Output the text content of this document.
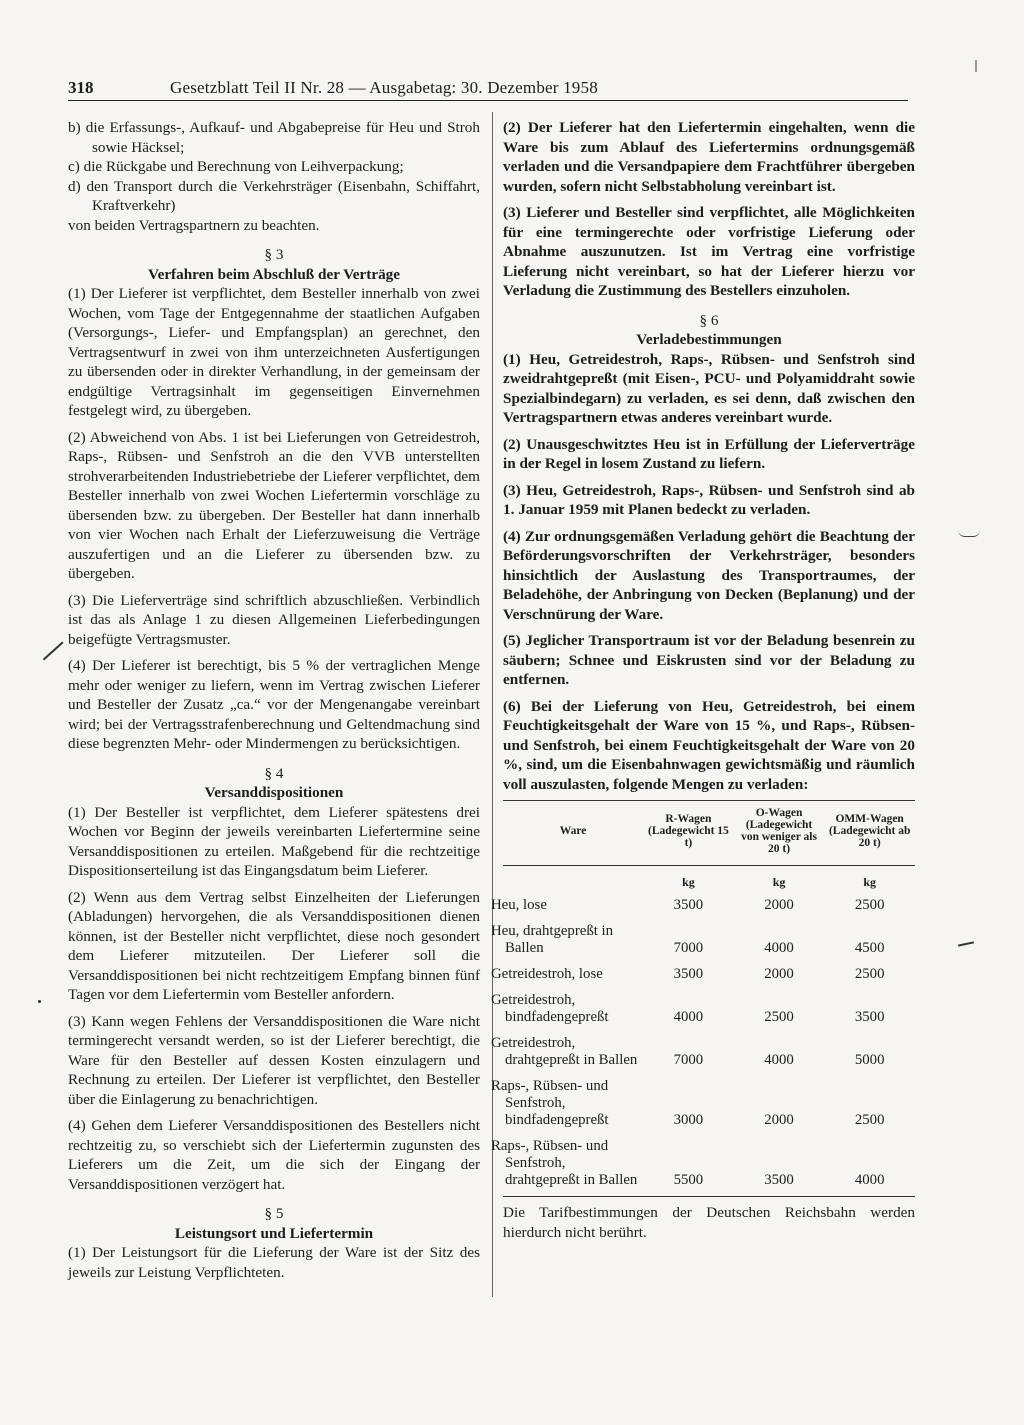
318	Gesetzblatt Teil II Nr. 28 — Ausgabetag: 30. Dezember 1958

b) die Erfassungs-, Aufkauf- und Abgabepreise für Heu und Stroh sowie Häcksel;

c) die Rückgabe und Berechnung von Leihverpackung;

d) den Transport durch die Verkehrsträger (Eisenbahn, Schiffahrt, Kraftverkehr)

von beiden Vertragspartnern zu beachten.

§ 3
Verfahren beim Abschluß der Verträge

(1) Der Lieferer ist verpflichtet, dem Besteller innerhalb von zwei Wochen, vom Tage der Entgegennahme der staatlichen Aufgaben (Versorgungs-, Liefer- und Empfangsplan) an gerechnet, den Vertragsentwurf in zwei von ihm unterzeichneten Ausfertigungen zu übersenden oder in direkter Verhandlung, in der gemeinsam der endgültige Vertragsinhalt im gegenseitigen Einvernehmen festgelegt wird, zu übergeben.

(2) Abweichend von Abs. 1 ist bei Lieferungen von Getreidestroh, Raps-, Rübsen- und Senfstroh an die den VVB unterstellten strohverarbeitenden Industriebetriebe der Lieferer verpflichtet, dem Besteller innerhalb von zwei Wochen Liefertermin vorschläge zu übersenden bzw. zu übergeben. Der Besteller hat dann innerhalb von vier Wochen nach Erhalt der Lieferzuweisung die Verträge auszufertigen und an die Lieferer zu übersenden bzw. zu übergeben.

(3) Die Lieferverträge sind schriftlich abzuschließen. Verbindlich ist das als Anlage 1 zu diesen Allgemeinen Lieferbedingungen beigefügte Vertragsmuster.

(4) Der Lieferer ist berechtigt, bis 5 % der vertraglichen Menge mehr oder weniger zu liefern, wenn im Vertrag zwischen Lieferer und Besteller der Zusatz „ca.“ vor der Mengenangabe vereinbart wird; bei der Vertragsstrafenberechnung und Geltendmachung sind diese begrenzten Mehr- oder Mindermengen zu berücksichtigen.

§ 4
Versanddispositionen

(1) Der Besteller ist verpflichtet, dem Lieferer spätestens drei Wochen vor Beginn der jeweils vereinbarten Liefertermine seine Versanddispositionen zu erteilen. Maßgebend für die rechtzeitige Dispositionserteilung ist das Eingangsdatum beim Lieferer.

(2) Wenn aus dem Vertrag selbst Einzelheiten der Lieferungen (Abladungen) hervorgehen, die als Versanddispositionen dienen können, ist der Besteller nicht verpflichtet, diese noch gesondert dem Lieferer mitzuteilen. Der Lieferer soll die Versanddispositionen bei nicht rechtzeitigem Empfang binnen fünf Tagen vor dem Liefertermin vom Besteller anfordern.

(3) Kann wegen Fehlens der Versanddispositionen die Ware nicht termingerecht versandt werden, so ist der Lieferer berechtigt, die Ware für den Besteller auf dessen Kosten einzulagern und Rechnung zu erteilen. Der Lieferer ist verpflichtet, den Besteller über die Einlagerung zu benachrichtigen.

(4) Gehen dem Lieferer Versanddispositionen des Bestellers nicht rechtzeitig zu, so verschiebt sich der Liefertermin zugunsten des Lieferers um die Zeit, um die sich der Eingang der Versanddispositionen verzögert hat.

§ 5
Leistungsort und Liefertermin

(1) Der Leistungsort für die Lieferung der Ware ist der Sitz des jeweils zur Leistung Verpflichteten.

(2) Der Lieferer hat den Liefertermin eingehalten, wenn die Ware bis zum Ablauf des Liefertermins ordnungsgemäß verladen und die Versandpapiere dem Frachtführer übergeben wurden, sofern nicht Selbstabholung vereinbart ist.

(3) Lieferer und Besteller sind verpflichtet, alle Möglichkeiten für eine termingerechte oder vorfristige Lieferung oder Abnahme auszunutzen. Ist im Vertrag eine vorfristige Lieferung nicht vereinbart, so hat der Lieferer hierzu vor Verladung die Zustimmung des Bestellers einzuholen.

§ 6
Verladebestimmungen

(1) Heu, Getreidestroh, Raps-, Rübsen- und Senfstroh sind zweidrahtgepreßt (mit Eisen-, PCU- und Polyamiddraht sowie Spezialbindegarn) zu verladen, es sei denn, daß zwischen den Vertragspartnern etwas anderes vereinbart wurde.

(2) Unausgeschwitztes Heu ist in Erfüllung der Lieferverträge in der Regel in losem Zustand zu liefern.

(3) Heu, Getreidestroh, Raps-, Rübsen- und Senfstroh sind ab 1. Januar 1959 mit Planen bedeckt zu verladen.

(4) Zur ordnungsgemäßen Verladung gehört die Beachtung der Beförderungsvorschriften der Verkehrsträger, besonders hinsichtlich der Auslastung des Transportraumes, der Beladehöhe, der Anbringung von Decken (Beplanung) und der Verschnürung der Ware.

(5) Jeglicher Transportraum ist vor der Beladung besenrein zu säubern; Schnee und Eiskrusten sind vor der Beladung zu entfernen.

(6) Bei der Lieferung von Heu, Getreidestroh, bei einem Feuchtigkeitsgehalt der Ware von 15 %, und Raps-, Rübsen- und Senfstroh, bei einem Feuchtigkeitsgehalt der Ware von 20 %, sind, um die Eisenbahnwagen gewichtsmäßig und räumlich voll auszulasten, folgende Mengen zu verladen:

Ware	R-Wagen (Ladegewicht 15 t)	O-Wagen (Ladegewicht von weniger als 20 t)	OMM-Wagen (Ladegewicht ab 20 t)
	kg	kg	kg
Heu, lose	3500	2000	2500
Heu, drahtgepreßt in Ballen	7000	4000	4500
Getreidestroh, lose	3500	2000	2500
Getreidestroh, bindfadengepreßt	4000	2500	3500
Getreidestroh, drahtgepreßt in Ballen	7000	4000	5000
Raps-, Rübsen- und Senfstroh, bindfadengepreßt	3000	2000	2500
Raps-, Rübsen- und Senfstroh, drahtgepreßt in Ballen	5500	3500	4000

Die Tarifbestimmungen der Deutschen Reichsbahn werden hierdurch nicht berührt.
